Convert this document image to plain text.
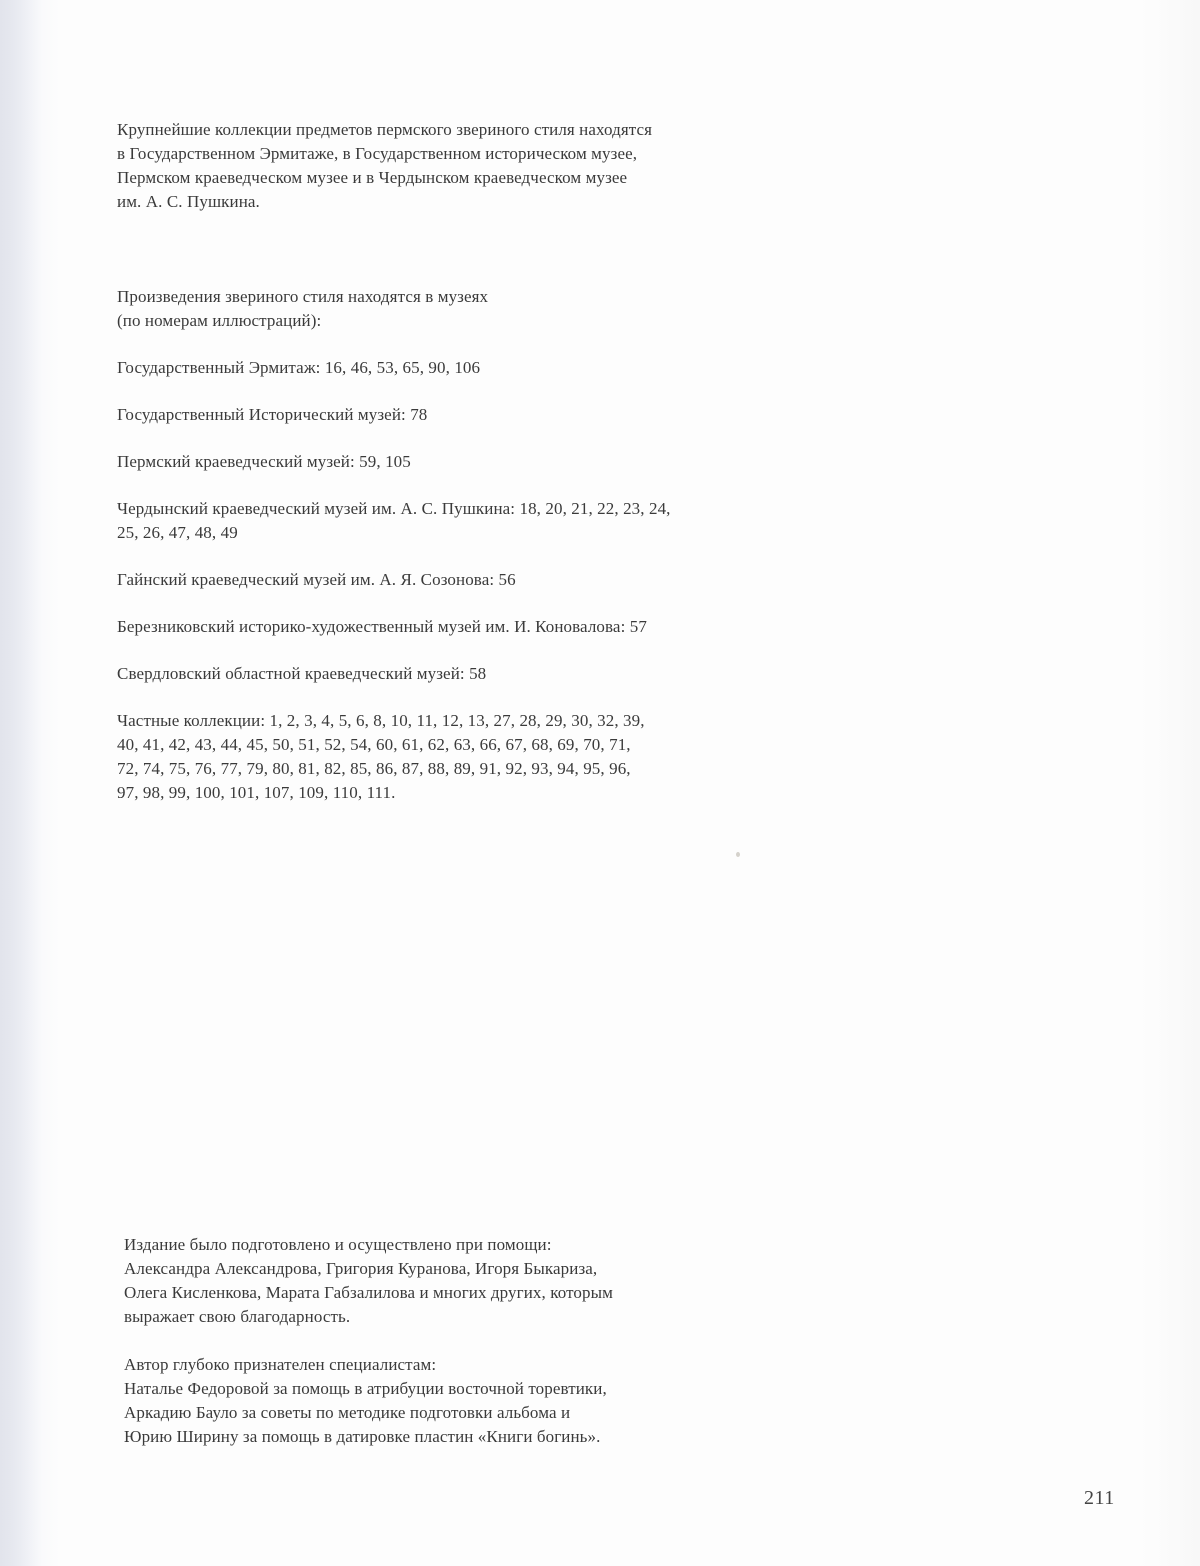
Крупнейшие коллекции предметов пермского звериного стиля находятся

в Государственном Эрмитаже, в Государственном историческом музее,

Пермском краеведческом музее и в Чердынском краеведческом музее

им. А. С. Пушкина.

Произведения звериного стиля находятся в музеях

(по номерам иллюстраций):

Государственный Эрмитаж: 16, 46, 53, 65, 90, 106

Государственный Исторический музей: 78

Пермский краеведческий музей: 59, 105

Чердынский краеведческий музей им. А. С. Пушкина: 18, 20, 21, 22, 23, 24,

25, 26, 47, 48, 49

Гайнский краеведческий музей им. А. Я. Созонова: 56

Березниковский историко-художественный музей им. И. Коновалова: 57

Свердловский областной краеведческий музей: 58

Частные коллекции: 1, 2, 3, 4, 5, 6, 8, 10, 11, 12, 13, 27, 28, 29, 30, 32, 39,

40, 41, 42, 43, 44, 45, 50, 51, 52, 54, 60, 61, 62, 63, 66, 67, 68, 69, 70, 71,

72, 74, 75, 76, 77, 79, 80, 81, 82, 85, 86, 87, 88, 89, 91, 92, 93, 94, 95, 96,

97, 98, 99, 100, 101, 107, 109, 110, 111.

Издание было подготовлено и осуществлено при помощи:

Александра Александрова, Григория Куранова, Игоря Быкариза,

Олега Кисленкова, Марата Габзалилова и многих других, которым

выражает свою благодарность.

Автор глубоко признателен специалистам:

Наталье Федоровой за помощь в атрибуции восточной торевтики,

Аркадию Баулo за советы по методике подготовки альбома и

Юрию Ширину за помощь в датировке пластин «Книги богинь».

211
